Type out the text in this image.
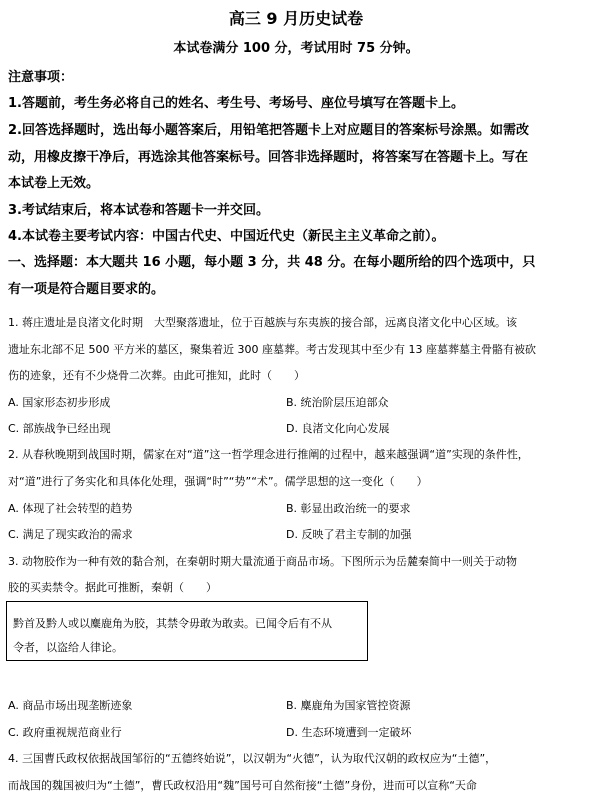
高三 9 月历史试卷
本试卷满分 100 分，考试用时 75 分钟。
注意事项：
1.答题前，考生务必将自己的姓名、考生号、考场号、座位号填写在答题卡上。
2.回答选择题时，选出每小题答案后，用铅笔把答题卡上对应题目的答案标号涂黑。如需改
动，用橡皮擦干净后，再选涂其他答案标号。回答非选择题时，将答案写在答题卡上。写在
本试卷上无效。
3.考试结束后，将本试卷和答题卡一并交回。
4.本试卷主要考试内容：中国古代史、中国近代史（新民主主义革命之前）。
一、选择题：本大题共 16 小题，每小题 3 分，共 48 分。在每小题所给的四个选项中，只
有一项是符合题目要求的。
1. 蒋庄遗址是良渚文化时期　大型聚落遗址，位于百越族与东夷族的接合部，远离良渚文化中心区域。该
遗址东北部不足 500 平方米的墓区，聚集着近 300 座墓葬。考古发现其中至少有 13 座墓葬墓主骨骼有被砍
伤的迹象，还有不少烧骨二次葬。由此可推知，此时（　　）
A. 国家形态初步形成	B. 统治阶层压迫部众
C. 部族战争已经出现	D. 良渚文化向心发展
2. 从春秋晚期到战国时期，儒家在对“道”这一哲学理念进行推阐的过程中，越来越强调“道”实现的条件性，
对“道”进行了务实化和具体化处理，强调“时”“势”“术”。儒学思想的这一变化（　　）
A. 体现了社会转型的趋势	B. 彰显出政治统一的要求
C. 满足了现实政治的需求	D. 反映了君主专制的加强
3. 动物胶作为一种有效的黏合剂，在秦朝时期大量流通于商品市场。下图所示为岳麓秦简中一则关于动物
胶的买卖禁令。据此可推断，秦朝（　　）
黔首及黔人或以麋鹿角为胶，其禁令毋敢为敢卖。已闻令后有不从
令者，以盗给人律论。
A. 商品市场出现垄断迹象	B. 麋鹿角为国家管控资源
C. 政府重视规范商业行	D. 生态环境遭到一定破坏
4. 三国曹氏政权依据战国邹衍的“五德终始说”，以汉朝为“火德”，认为取代汉朝的政权应为“土德”，
而战国的魏国被归为“土德”，曹氏政权沿用“魏”国号可自然衔接“土德”身份，进而可以宣称“天命
